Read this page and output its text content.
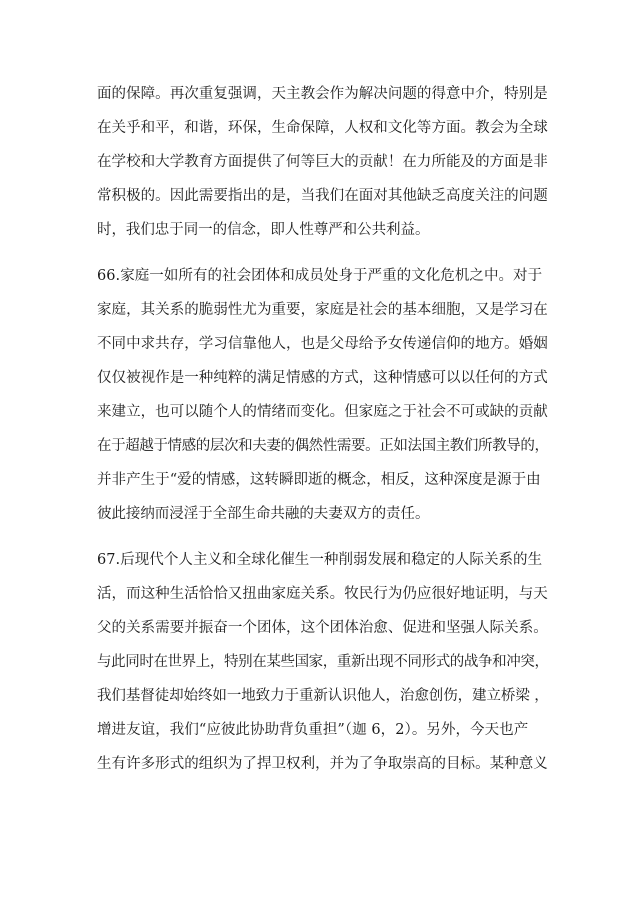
面的保障。再次重复强调，天主教会作为解决问题的得意中介，特别是
在关乎和平，和谐，环保，生命保障，人权和文化等方面。教会为全球
在学校和大学教育方面提供了何等巨大的贡献！在力所能及的方面是非
常积极的。因此需要指出的是，当我们在面对其他缺乏高度关注的问题
时，我们忠于同一的信念，即人性尊严和公共利益。
66.家庭一如所有的社会团体和成员处身于严重的文化危机之中。对于
家庭，其关系的脆弱性尤为重要，家庭是社会的基本细胞，又是学习在
不同中求共存，学习信靠他人，也是父母给予女传递信仰的地方。婚姻
仅仅被视作是一种纯粹的满足情感的方式，这种情感可以以任何的方式
来建立，也可以随个人的情绪而变化。但家庭之于社会不可或缺的贡献
在于超越于情感的层次和夫妻的偶然性需要。正如法国主教们所教导的，
并非产生于“爱的情感，这转瞬即逝的概念，相反，这种深度是源于由
彼此接纳而浸淫于全部生命共融的夫妻双方的责任。
67.后现代个人主义和全球化催生一种削弱发展和稳定的人际关系的生
活，而这种生活恰恰又扭曲家庭关系。牧民行为仍应很好地证明，与天
父的关系需要并振奋一个团体，这个团体治愈、促进和坚强人际关系。
与此同时在世界上，特别在某些国家，重新出现不同形式的战争和冲突，
我们基督徒却始终如一地致力于重新认识他人，治愈创伤，建立桥梁 ，
增进友谊，我们“应彼此协助背负重担”（迦 6，2）。另外，今天也产
生有许多形式的组织为了捍卫权利，并为了争取崇高的目标。某种意义
